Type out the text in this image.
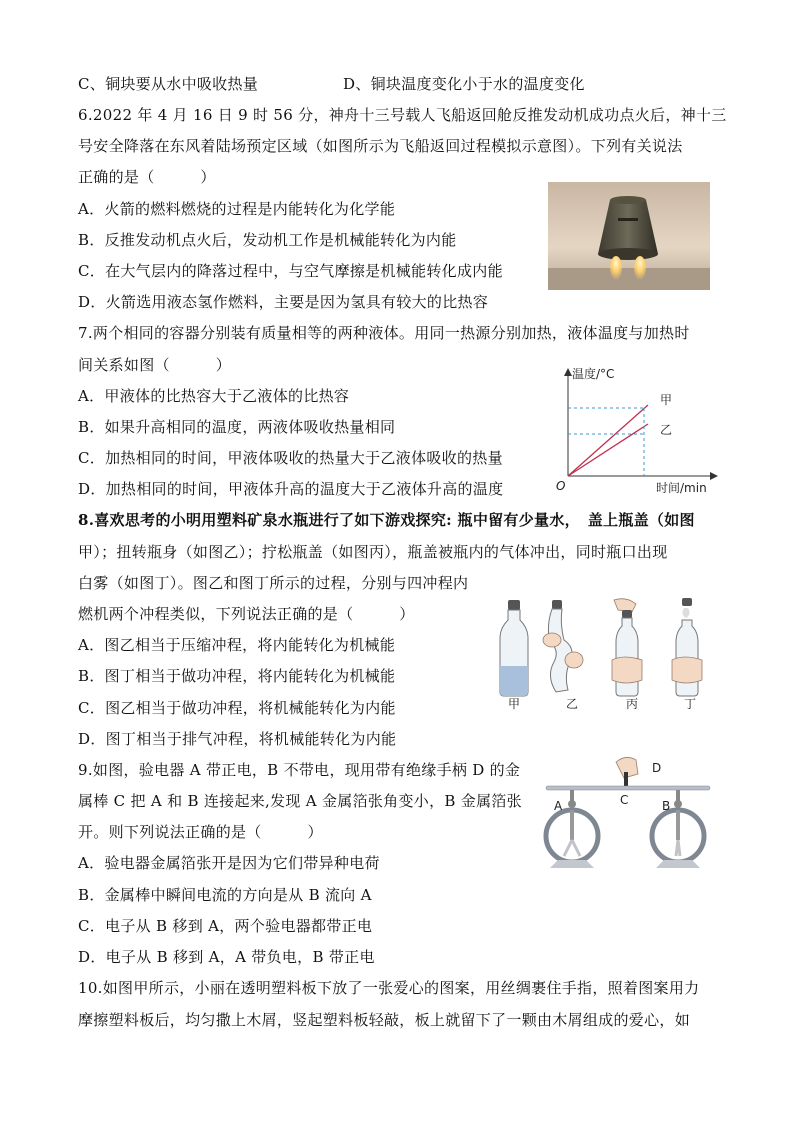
C、铜块要从水中吸收热量	D、铜块温度变化小于水的温度变化
6.2022 年 4 月 16 日 9 时 56 分，神舟十三号载人飞船返回舱反推发动机成功点火后，神十三
号安全降落在东风着陆场预定区域（如图所示为飞船返回过程模拟示意图）。下列有关说法
正确的是（　　　）
A．火箭的燃料燃烧的过程是内能转化为化学能
B．反推发动机点火后，发动机工作是机械能转化为内能
C．在大气层内的降落过程中，与空气摩擦是机械能转化成内能
D．火箭选用液态氢作燃料，主要是因为氢具有较大的比热容
7.两个相同的容器分别装有质量相等的两种液体。用同一热源分别加热，液体温度与加热时
间关系如图（　　　）
A．甲液体的比热容大于乙液体的比热容
B．如果升高相同的温度，两液体吸收热量相同
C．加热相同的时间，甲液体吸收的热量大于乙液体吸收的热量
D．加热相同的时间，甲液体升高的温度大于乙液体升高的温度
温度/°C
时间/min
O
甲
乙
8.喜欢思考的小明用塑料矿泉水瓶进行了如下游戏探究: 瓶中留有少量水，　盖上瓶盖（如图
甲）；扭转瓶身（如图乙）；拧松瓶盖（如图丙），瓶盖被瓶内的气体冲出，同时瓶口出现
白雾（如图丁）。图乙和图丁所示的过程，分别与四冲程内
燃机两个冲程类似，下列说法正确的是（　　　）
A．图乙相当于压缩冲程，将内能转化为机械能
B．图丁相当于做功冲程，将内能转化为机械能
C．图乙相当于做功冲程，将机械能转化为内能
D．图丁相当于排气冲程，将机械能转化为内能
甲	乙	丙	丁
9.如图，验电器 A 带正电，B 不带电，现用带有绝缘手柄 D 的金
属棒 C 把 A 和 B 连接起来,发现 A 金属箔张角变小，B 金属箔张
开。则下列说法正确的是（　　　）
A．验电器金属箔张开是因为它们带异种电荷
B．金属棒中瞬间电流的方向是从 B 流向 A
C．电子从 B 移到 A，两个验电器都带正电
D．电子从 B 移到 A，A 带负电，B 带正电
D
C
A	B
10.如图甲所示，小丽在透明塑料板下放了一张爱心的图案，用丝绸裹住手指，照着图案用力
摩擦塑料板后，均匀撒上木屑，竖起塑料板轻敲，板上就留下了一颗由木屑组成的爱心，如
